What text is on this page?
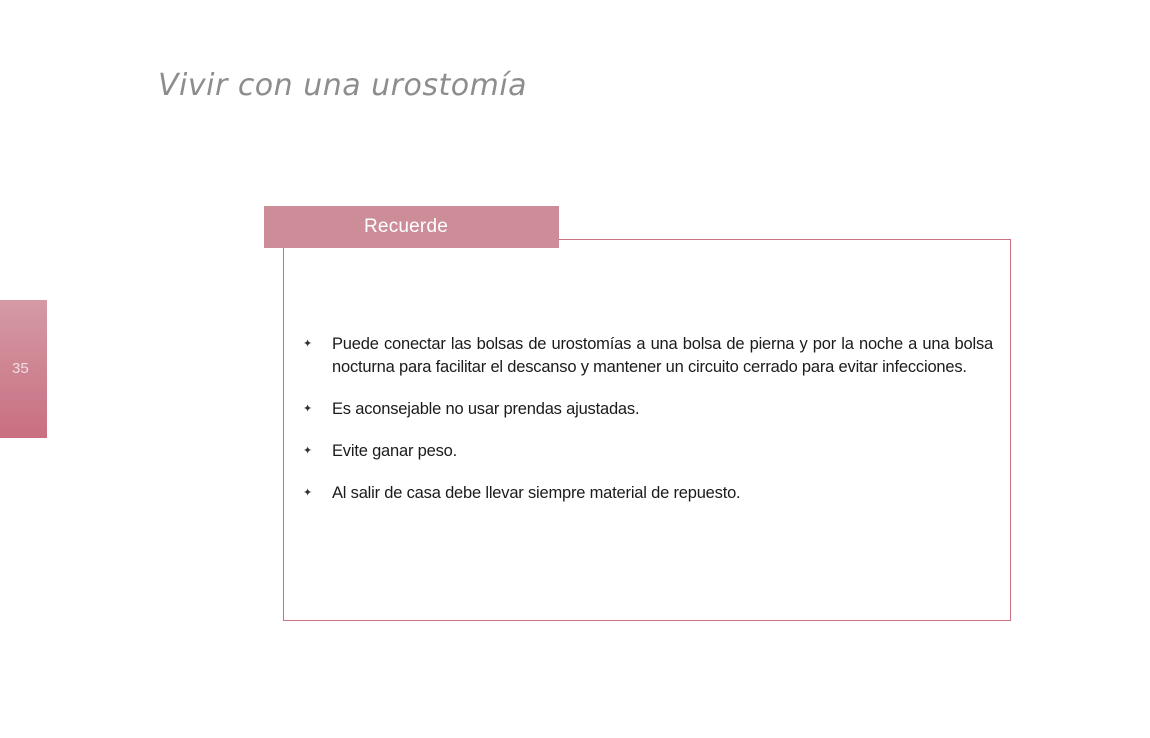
Vivir con una urostomía
35
Recuerde
✦ Puede conectar las bolsas de urostomías a una bolsa de pierna y por la noche a una bolsa nocturna para facilitar el descanso y mantener un circuito cerrado para evitar infecciones.
✦ Es aconsejable no usar prendas ajustadas.
✦ Evite ganar peso.
✦ Al salir de casa debe llevar siempre material de repuesto.
